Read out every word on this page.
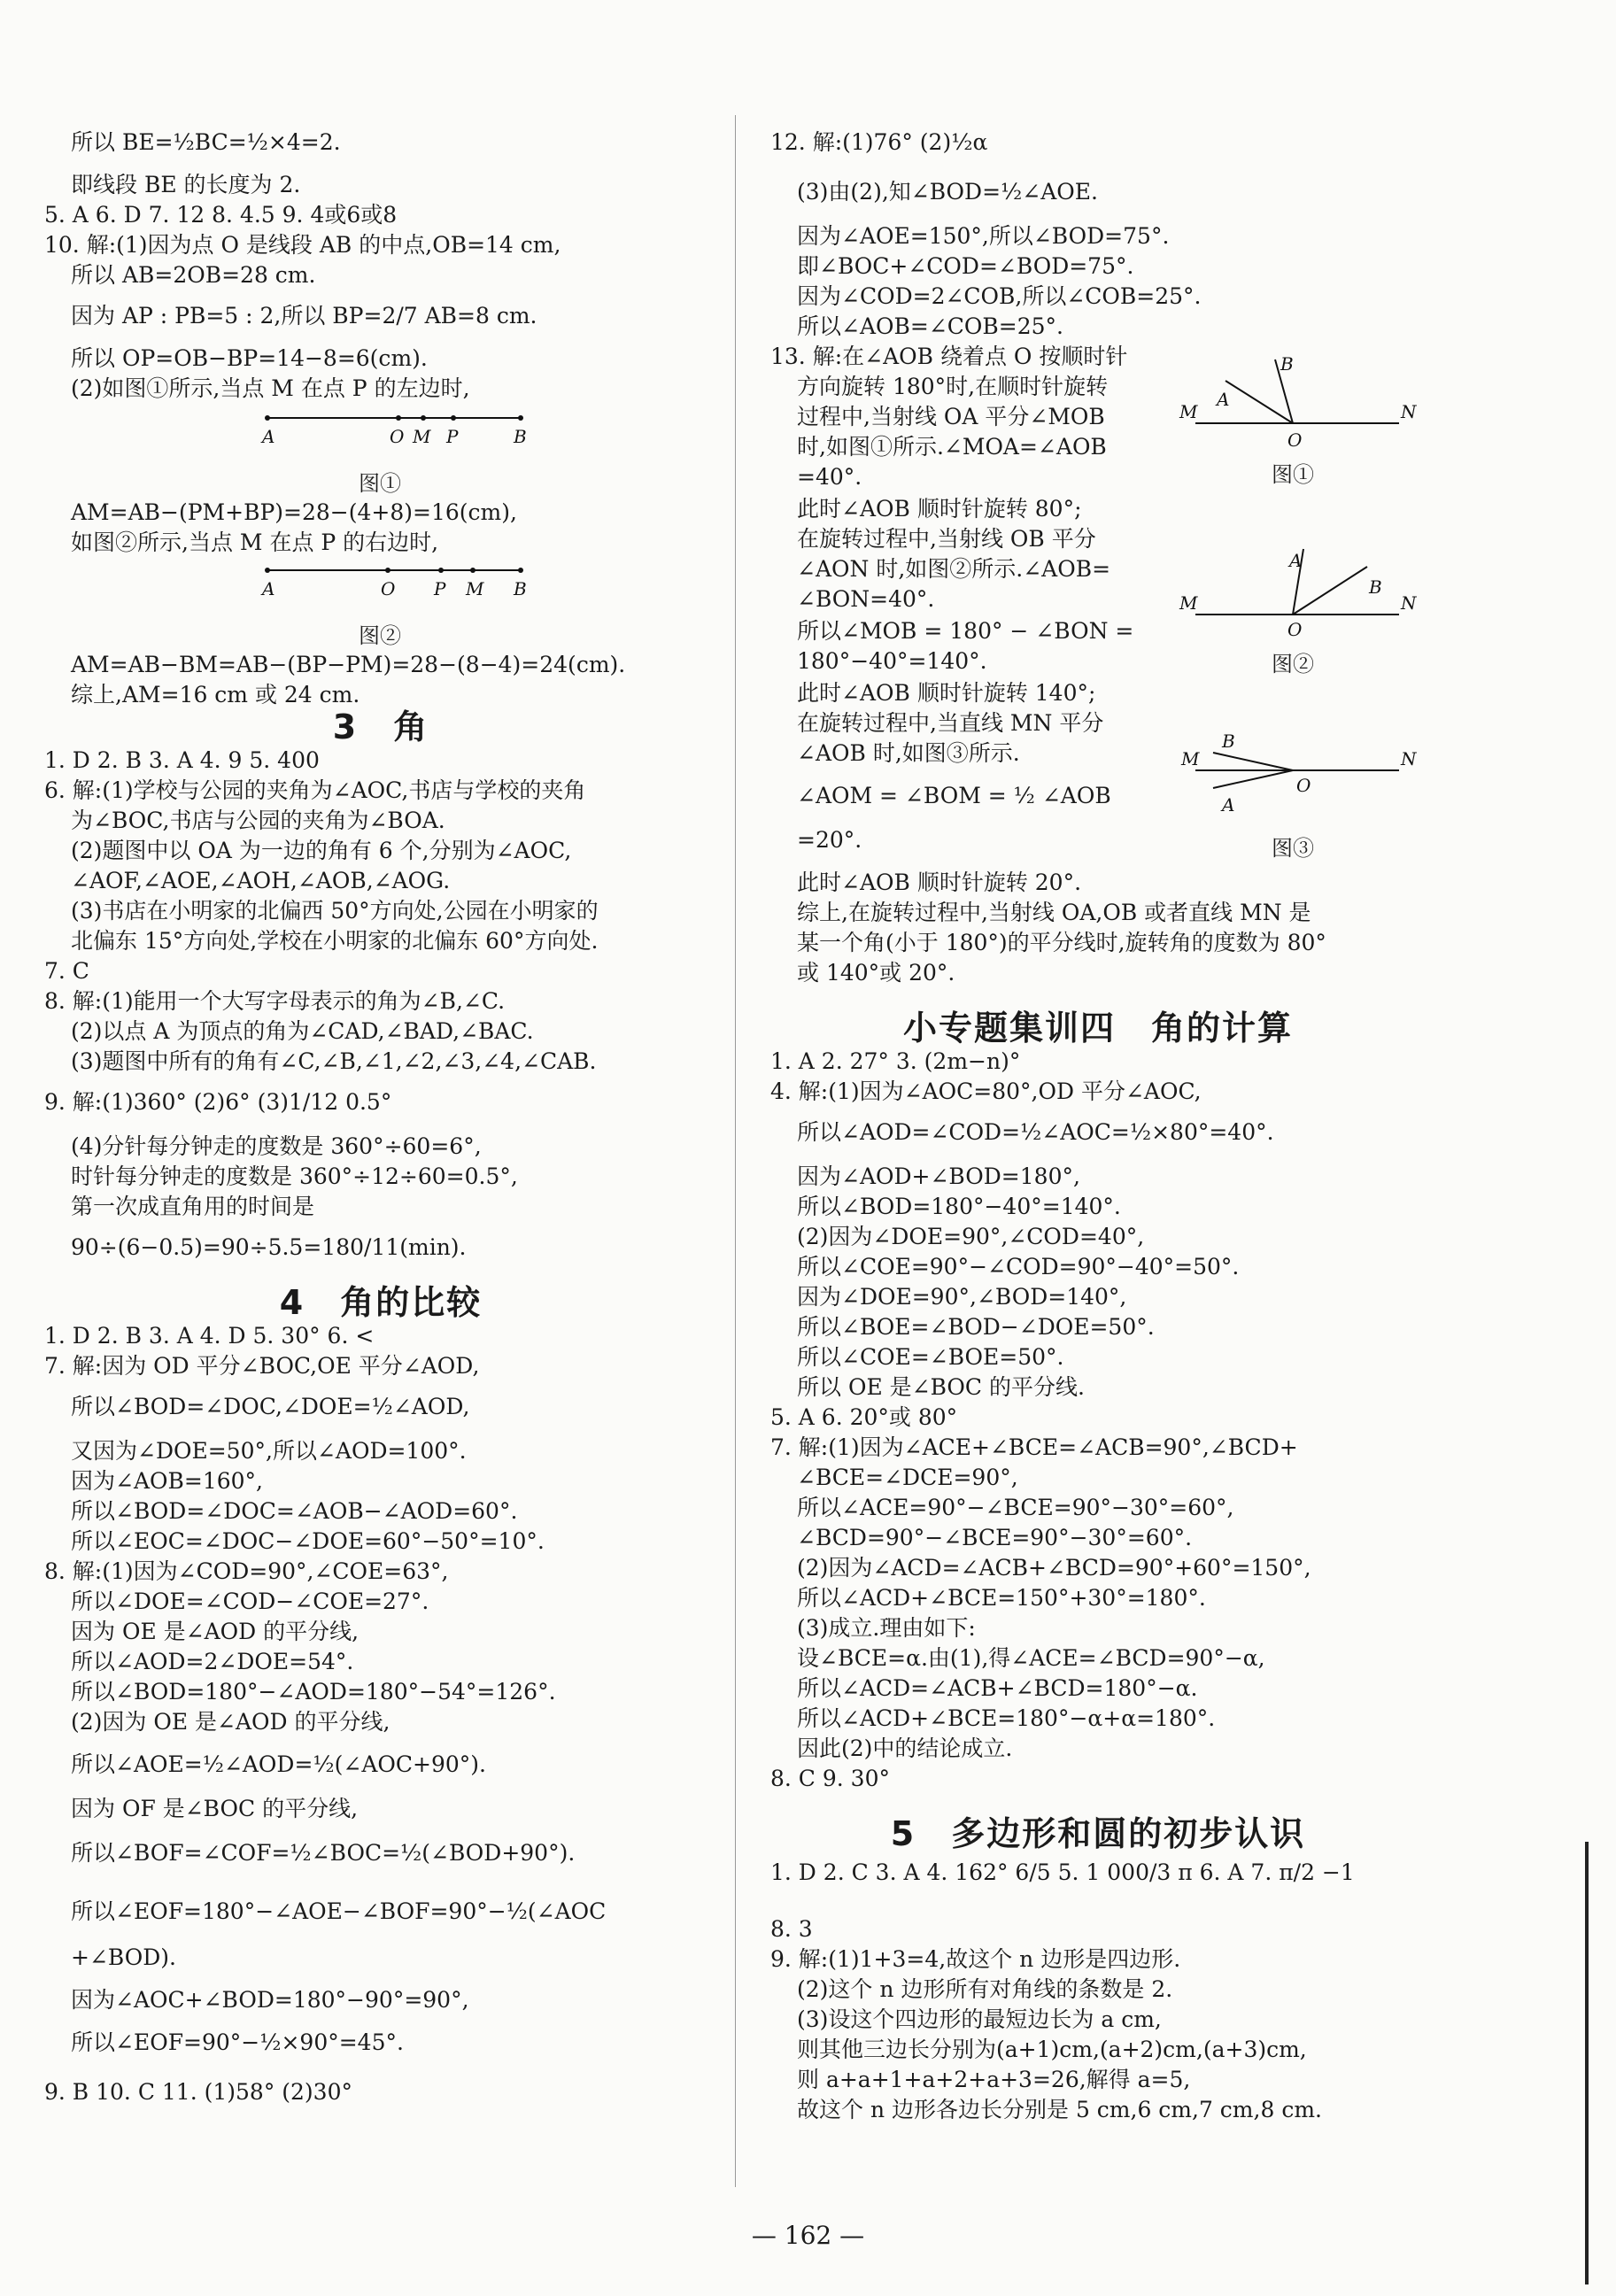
所以 BE=½BC=½×4=2.
即线段 BE 的长度为 2.
5. A 6. D 7. 12 8. 4.5 9. 4或6或8
10. 解:(1)因为点 O 是线段 AB 的中点,OB=14 cm,
所以 AB=2OB=28 cm.
因为 AP : PB=5 : 2,所以 BP=2/7 AB=8 cm.
所以 OP=OB−BP=14−8=6(cm).
(2)如图①所示,当点 M 在点 P 的左边时,
A	O M P	B
图①
AM=AB−(PM+BP)=28−(4+8)=16(cm),
如图②所示,当点 M 在点 P 的右边时,
A	O P M B
图②
AM=AB−BM=AB−(BP−PM)=28−(8−4)=24(cm).
综上,AM=16 cm 或 24 cm.
3　角
1. D 2. B 3. A 4. 9 5. 400
6. 解:(1)学校与公园的夹角为∠AOC,书店与学校的夹角
为∠BOC,书店与公园的夹角为∠BOA.
(2)题图中以 OA 为一边的角有 6 个,分别为∠AOC,
∠AOF,∠AOE,∠AOH,∠AOB,∠AOG.
(3)书店在小明家的北偏西 50°方向处,公园在小明家的
北偏东 15°方向处,学校在小明家的北偏东 60°方向处.
7. C
8. 解:(1)能用一个大写字母表示的角为∠B,∠C.
(2)以点 A 为顶点的角为∠CAD,∠BAD,∠BAC.
(3)题图中所有的角有∠C,∠B,∠1,∠2,∠3,∠4,∠CAB.
9. 解:(1)360° (2)6° (3)1/12 0.5°
(4)分针每分钟走的度数是 360°÷60=6°,
时针每分钟走的度数是 360°÷12÷60=0.5°,
第一次成直角用的时间是
90÷(6−0.5)=90÷5.5=180/11(min).
4　角的比较
1. D 2. B 3. A 4. D 5. 30° 6. <
7. 解:因为 OD 平分∠BOC,OE 平分∠AOD,
所以∠BOD=∠DOC,∠DOE=½∠AOD,
又因为∠DOE=50°,所以∠AOD=100°.
因为∠AOB=160°,
所以∠BOD=∠DOC=∠AOB−∠AOD=60°.
所以∠EOC=∠DOC−∠DOE=60°−50°=10°.
8. 解:(1)因为∠COD=90°,∠COE=63°,
所以∠DOE=∠COD−∠COE=27°.
因为 OE 是∠AOD 的平分线,
所以∠AOD=2∠DOE=54°.
所以∠BOD=180°−∠AOD=180°−54°=126°.
(2)因为 OE 是∠AOD 的平分线,
所以∠AOE=½∠AOD=½(∠AOC+90°).
因为 OF 是∠BOC 的平分线,
所以∠BOF=∠COF=½∠BOC=½(∠BOD+90°).
所以∠EOF=180°−∠AOE−∠BOF=90°−½(∠AOC
+∠BOD).
因为∠AOC+∠BOD=180°−90°=90°,
所以∠EOF=90°−½×90°=45°.
9. B 10. C 11. (1)58° (2)30°
12. 解:(1)76° (2)½α
(3)由(2),知∠BOD=½∠AOE.
因为∠AOE=150°,所以∠BOD=75°.
即∠BOC+∠COD=∠BOD=75°.
因为∠COD=2∠COB,所以∠COB=25°.
所以∠AOB=∠COB=25°.
13. 解:在∠AOB 绕着点 O 按顺时针
方向旋转 180°时,在顺时针旋转
过程中,当射线 OA 平分∠MOB
时,如图①所示.∠MOA=∠AOB
=40°.
此时∠AOB 顺时针旋转 80°;
在旋转过程中,当射线 OB 平分
∠AON 时,如图②所示.∠AOB=
∠BON=40°.
所以∠MOB = 180° − ∠BON =
180°−40°=140°.
此时∠AOB 顺时针旋转 140°;
在旋转过程中,当直线 MN 平分
∠AOB 时,如图③所示.
∠AOM = ∠BOM = ½ ∠AOB
=20°.
此时∠AOB 顺时针旋转 20°.
综上,在旋转过程中,当射线 OA,OB 或者直线 MN 是
某一个角(小于 180°)的平分线时,旋转角的度数为 80°
或 140°或 20°.
M	N
O
A
B
图①
M	N
O
A
B
图②
M	N
O
A
B
图③
小专题集训四　角的计算
1. A 2. 27° 3. (2m−n)°
4. 解:(1)因为∠AOC=80°,OD 平分∠AOC,
所以∠AOD=∠COD=½∠AOC=½×80°=40°.
因为∠AOD+∠BOD=180°,
所以∠BOD=180°−40°=140°.
(2)因为∠DOE=90°,∠COD=40°,
所以∠COE=90°−∠COD=90°−40°=50°.
因为∠DOE=90°,∠BOD=140°,
所以∠BOE=∠BOD−∠DOE=50°.
所以∠COE=∠BOE=50°.
所以 OE 是∠BOC 的平分线.
5. A 6. 20°或 80°
7. 解:(1)因为∠ACE+∠BCE=∠ACB=90°,∠BCD+
∠BCE=∠DCE=90°,
所以∠ACE=90°−∠BCE=90°−30°=60°,
∠BCD=90°−∠BCE=90°−30°=60°.
(2)因为∠ACD=∠ACB+∠BCD=90°+60°=150°,
所以∠ACD+∠BCE=150°+30°=180°.
(3)成立.理由如下:
设∠BCE=α.由(1),得∠ACE=∠BCD=90°−α,
所以∠ACD=∠ACB+∠BCD=180°−α.
所以∠ACD+∠BCE=180°−α+α=180°.
因此(2)中的结论成立.
8. C 9. 30°
5　多边形和圆的初步认识
1. D 2. C 3. A 4. 162° 6/5 5. 1 000/3 π 6. A 7. π/2 −1
8. 3
9. 解:(1)1+3=4,故这个 n 边形是四边形.
(2)这个 n 边形所有对角线的条数是 2.
(3)设这个四边形的最短边长为 a cm,
则其他三边长分别为(a+1)cm,(a+2)cm,(a+3)cm,
则 a+a+1+a+2+a+3=26,解得 a=5,
故这个 n 边形各边长分别是 5 cm,6 cm,7 cm,8 cm.
— 162 —
